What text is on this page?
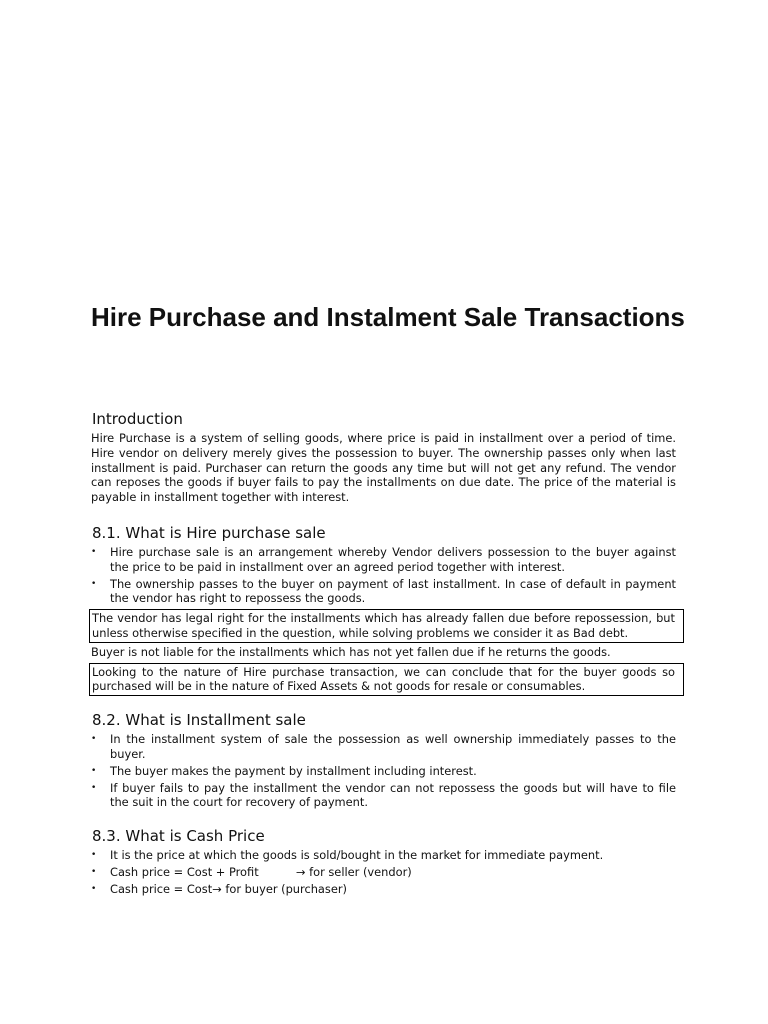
Hire Purchase and Instalment Sale Transactions
Introduction

Hire Purchase is a system of selling goods, where price is paid in installment over a period of time. Hire vendor on delivery merely gives the possession to buyer. The ownership passes only when last installment is paid. Purchaser can return the goods any time but will not get any refund. The vendor can reposes the goods if buyer fails to pay the installments on due date. The price of the material is payable in installment together with interest.

8.1. What is Hire purchase sale
• Hire purchase sale is an arrangement whereby Vendor delivers possession to the buyer against the price to be paid in installment over an agreed period together with interest.
• The ownership passes to the buyer on payment of last installment. In case of default in payment the vendor has right to repossess the goods.
The vendor has legal right for the installments which has already fallen due before repossession, but unless otherwise specified in the question, while solving problems we consider it as Bad debt.
Buyer is not liable for the installments which has not yet fallen due if he returns the goods.
Looking to the nature of Hire purchase transaction, we can conclude that for the buyer goods so purchased will be in the nature of Fixed Assets & not goods for resale or consumables.
8.2. What is Installment sale
• In the installment system of sale the possession as well ownership immediately passes to the buyer.
• The buyer makes the payment by installment including interest.
• If buyer fails to pay the installment the vendor can not repossess the goods but will have to file the suit in the court for recovery of payment.
8.3. What is Cash Price
• It is the price at which the goods is sold/bought in the market for immediate payment.
• Cash price = Cost + Profit	→ for seller (vendor)
• Cash price = Cost→ for buyer (purchaser)
